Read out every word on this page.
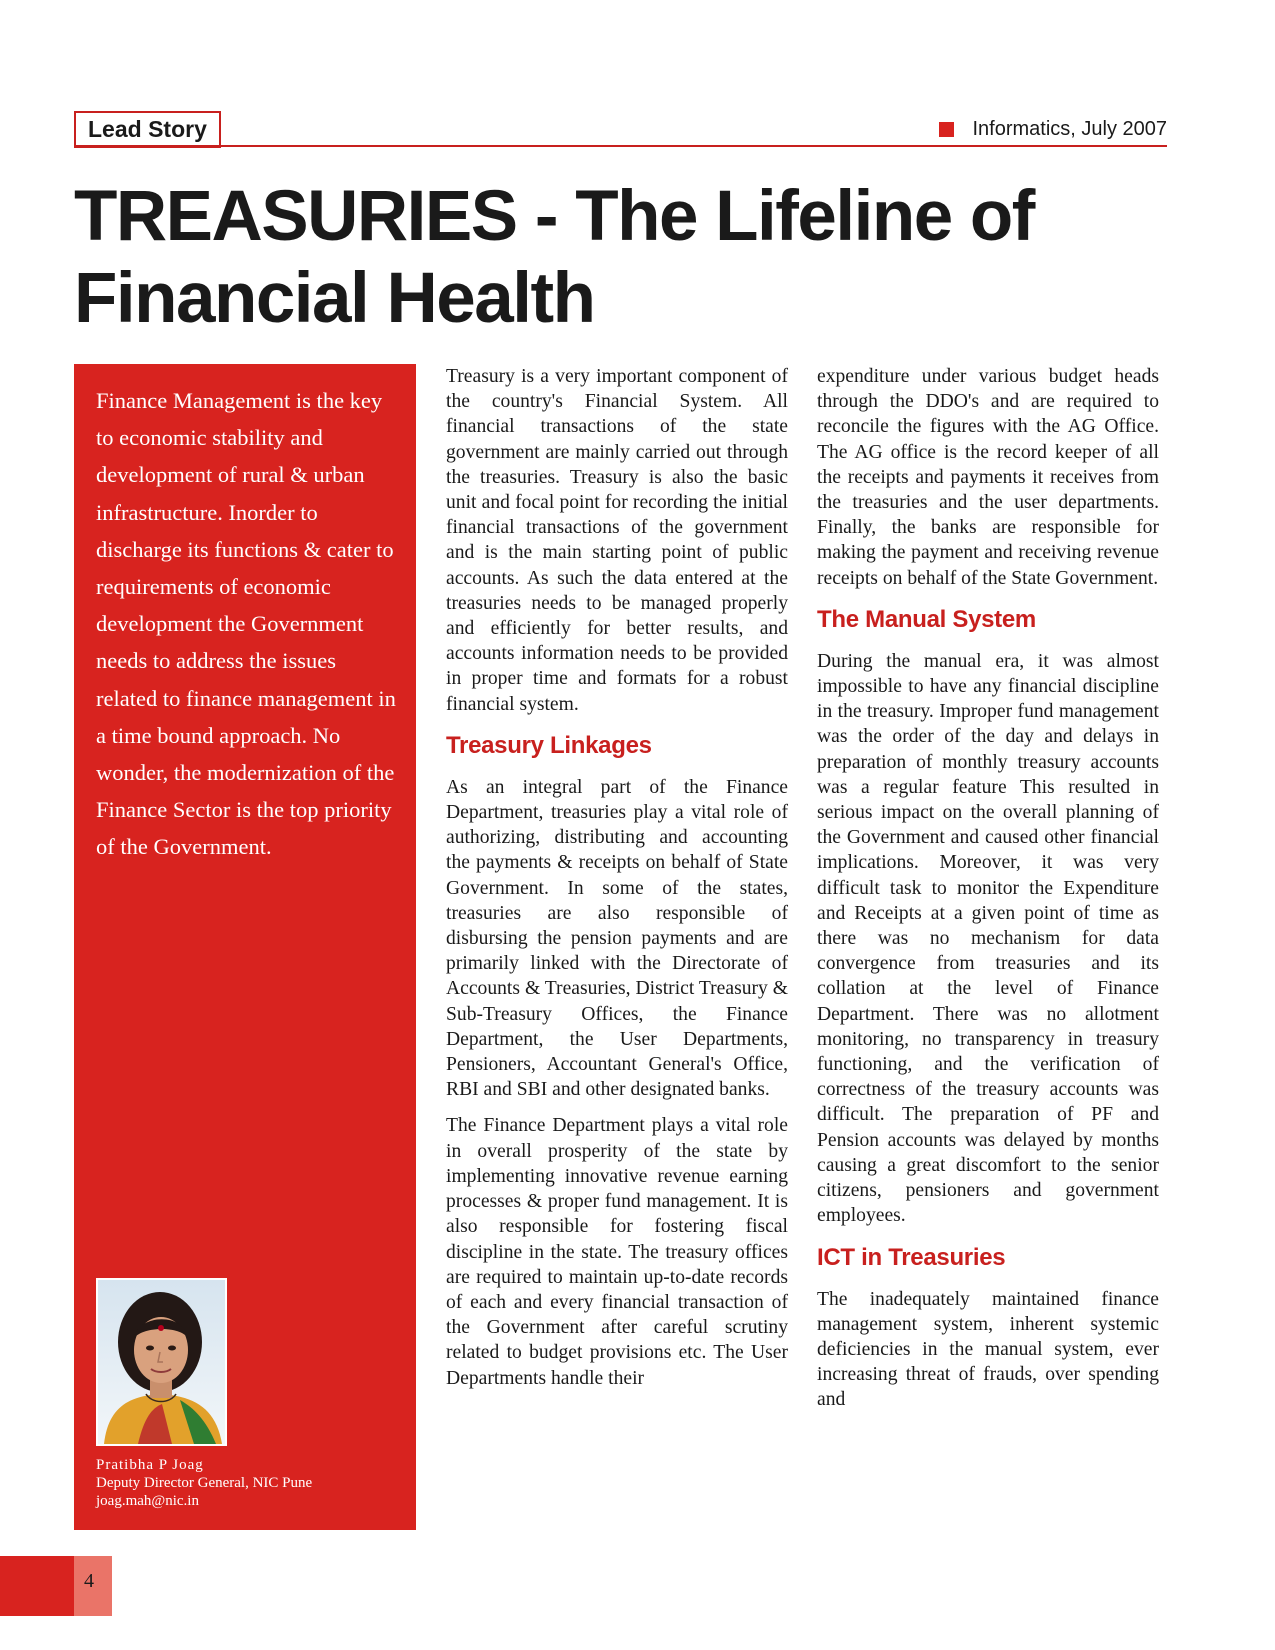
Lead Story	Informatics, July 2007
TREASURIES - The Lifeline of Financial Health

Finance Management is the key to economic stability and development of rural & urban infrastructure. Inorder to discharge its functions & cater to requirements of economic development the Government needs to address the issues related to finance management in a time bound approach. No wonder, the modernization of the Finance Sector is the top priority of the Government.

Pratibha P Joag
Deputy Director General, NIC Pune
joag.mah@nic.in

Treasury is a very important component of the country's Financial System. All financial transactions of the state government are mainly carried out through the treasuries. Treasury is also the basic unit and focal point for recording the initial financial transactions of the government and is the main starting point of public accounts. As such the data entered at the treasuries needs to be managed properly and efficiently for better results, and accounts information needs to be provided in proper time and formats for a robust financial system.

Treasury Linkages

As an integral part of the Finance Department, treasuries play a vital role of authorizing, distributing and accounting the payments & receipts on behalf of State Government. In some of the states, treasuries are also responsible of disbursing the pension payments and are primarily linked with the Directorate of Accounts & Treasuries, District Treasury & Sub-Treasury Offices, the Finance Department, the User Departments, Pensioners, Accountant General's Office, RBI and SBI and other designated banks.

The Finance Department plays a vital role in overall prosperity of the state by implementing innovative revenue earning processes & proper fund management. It is also responsible for fostering fiscal discipline in the state. The treasury offices are required to maintain up-to-date records of each and every financial transaction of the Government after careful scrutiny related to budget provisions etc. The User Departments handle their

expenditure under various budget heads through the DDO's and are required to reconcile the figures with the AG Office. The AG office is the record keeper of all the receipts and payments it receives from the treasuries and the user departments. Finally, the banks are responsible for making the payment and receiving revenue receipts on behalf of the State Government.

The Manual System

During the manual era, it was almost impossible to have any financial discipline in the treasury. Improper fund management was the order of the day and delays in preparation of monthly treasury accounts was a regular feature This resulted in serious impact on the overall planning of the Government and caused other financial implications. Moreover, it was very difficult task to monitor the Expenditure and Receipts at a given point of time as there was no mechanism for data convergence from treasuries and its collation at the level of Finance Department. There was no allotment monitoring, no transparency in treasury functioning, and the verification of correctness of the treasury accounts was difficult. The preparation of PF and Pension accounts was delayed by months causing a great discomfort to the senior citizens, pensioners and government employees.

ICT in Treasuries

The inadequately maintained finance management system, inherent systemic deficiencies in the manual system, ever increasing threat of frauds, over spending and

4
